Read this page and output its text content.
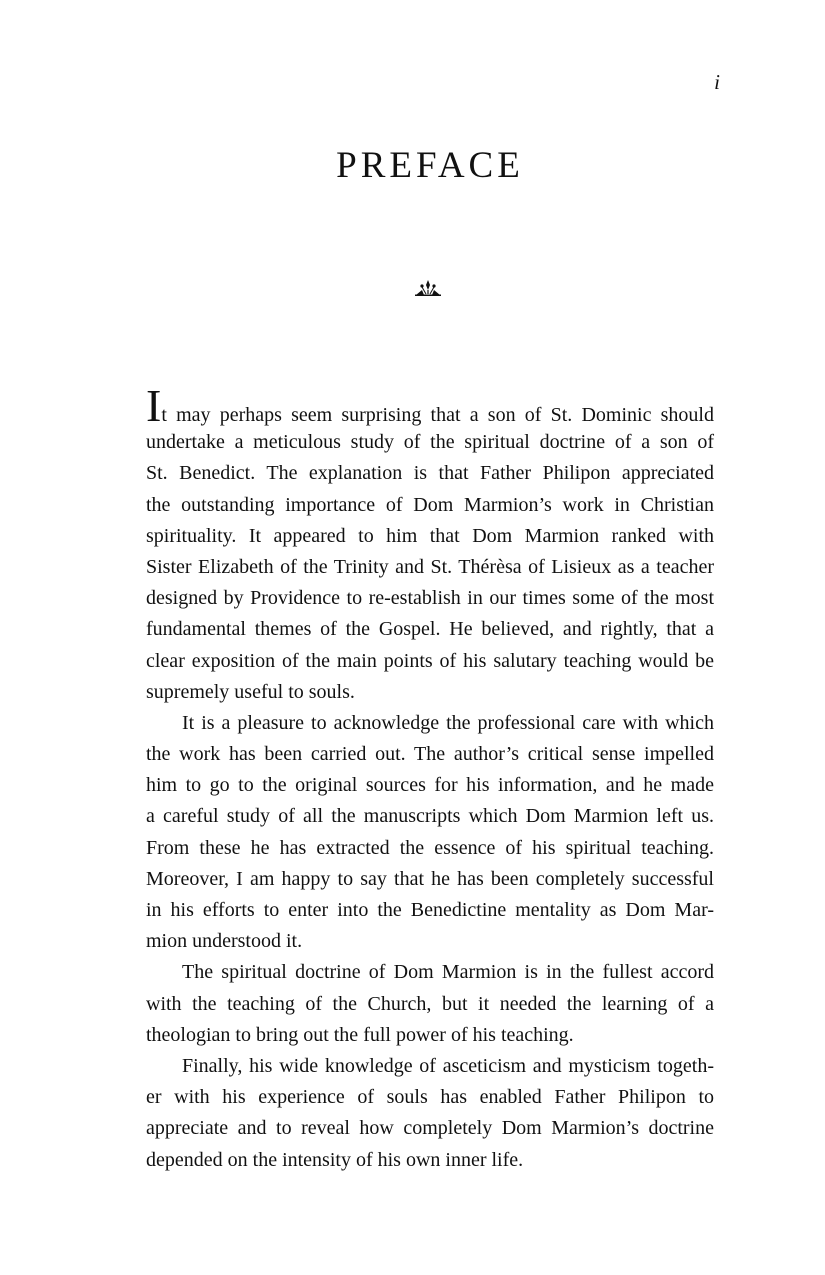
i
PREFACE
It may perhaps seem surprising that a son of St. Dominic should
undertake a meticulous study of the spiritual doctrine of a son of
St. Benedict. The explanation is that Father Philipon appreciated
the outstanding importance of Dom Marmion’s work in Christian
spirituality. It appeared to him that Dom Marmion ranked with
Sister Elizabeth of the Trinity and St. Thérèsa of Lisieux as a teacher
designed by Providence to re-establish in our times some of the most
fundamental themes of the Gospel. He believed, and rightly, that a
clear exposition of the main points of his salutary teaching would be
supremely useful to souls.
It is a pleasure to acknowledge the professional care with which
the work has been carried out. The author’s critical sense impelled
him to go to the original sources for his information, and he made
a careful study of all the manuscripts which Dom Marmion left us.
From these he has extracted the essence of his spiritual teaching.
Moreover, I am happy to say that he has been completely successful
in his efforts to enter into the Benedictine mentality as Dom Mar-
mion understood it.
The spiritual doctrine of Dom Marmion is in the fullest accord
with the teaching of the Church, but it needed the learning of a
theologian to bring out the full power of his teaching.
Finally, his wide knowledge of asceticism and mysticism togeth-
er with his experience of souls has enabled Father Philipon to
appreciate and to reveal how completely Dom Marmion’s doctrine
depended on the intensity of his own inner life.
